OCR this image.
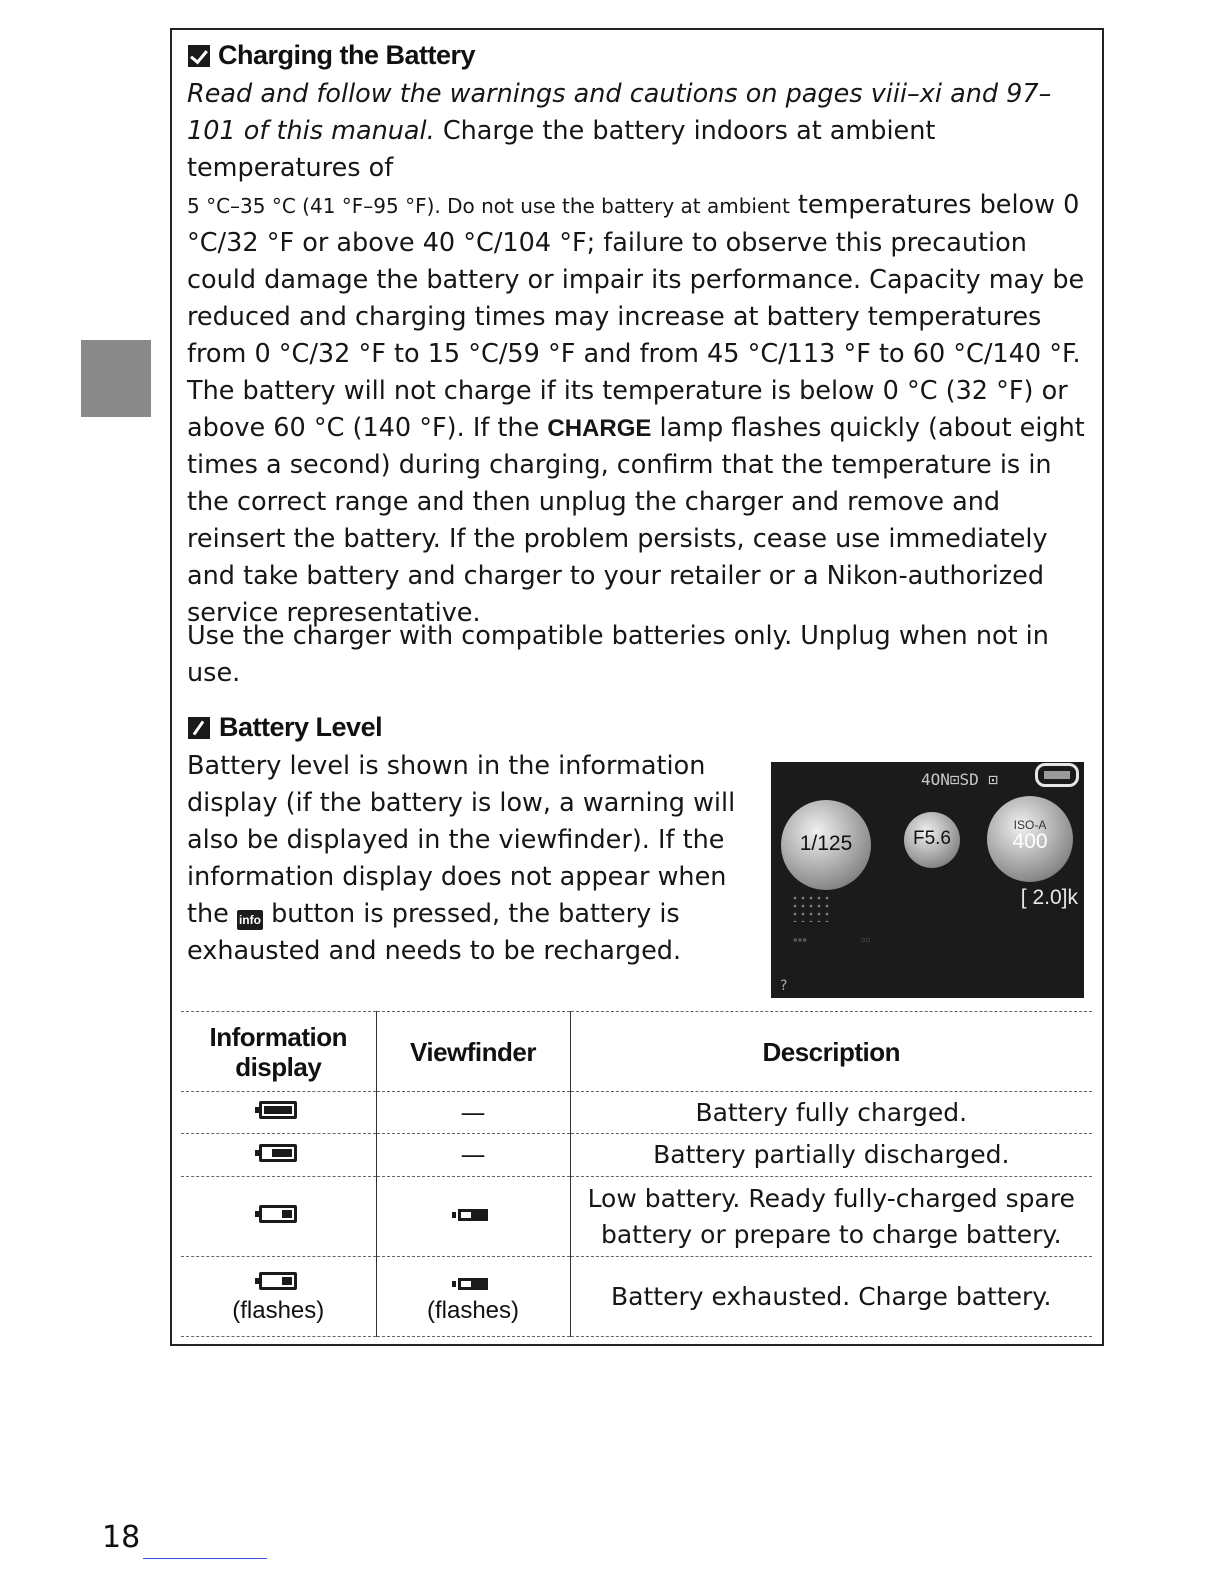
Charging the Battery

Read and follow the warnings and cautions on pages viii–xi and 97–101 of this manual. Charge the battery indoors at ambient temperatures of
5 °C–35 °C (41 °F–95 °F). Do not use the battery at ambient temperatures below 0 °C/32 °F or above 40 °C/104 °F; failure to observe this precaution could damage the battery or impair its performance. Capacity may be reduced and charging times may increase at battery temperatures from 0 °C/32 °F to 15 °C/59 °F and from 45 °C/113 °F to 60 °C/140 °F. The battery will not charge if its temperature is below 0 °C (32 °F) or above 60 °C (140 °F). If the CHARGE lamp flashes quickly (about eight times a second) during charging, confirm that the temperature is in the correct range and then unplug the charger and remove and reinsert the battery. If the problem persists, cease use immediately and take battery and charger to your retailer or a Nikon-authorized service representative.

Use the charger with compatible batteries only. Unplug when not in use.

Battery Level

Battery level is shown in the information display (if the battery is low, a warning will also be displayed in the viewfinder). If the information display does not appear when the info button is pressed, the battery is exhausted and needs to be recharged.

4ON⊡SD ⊡
1/125	F5.6
ISO-A
400
[ 2.0]k
▪▪▪	▫▫
?
Information display	Viewfinder	Description

	—	Battery fully charged.

	—	Battery partially discharged.

		Low battery. Ready fully-charged spare battery or prepare to charge battery.

(flashes)	(flashes)	Battery exhausted. Charge battery.
18
